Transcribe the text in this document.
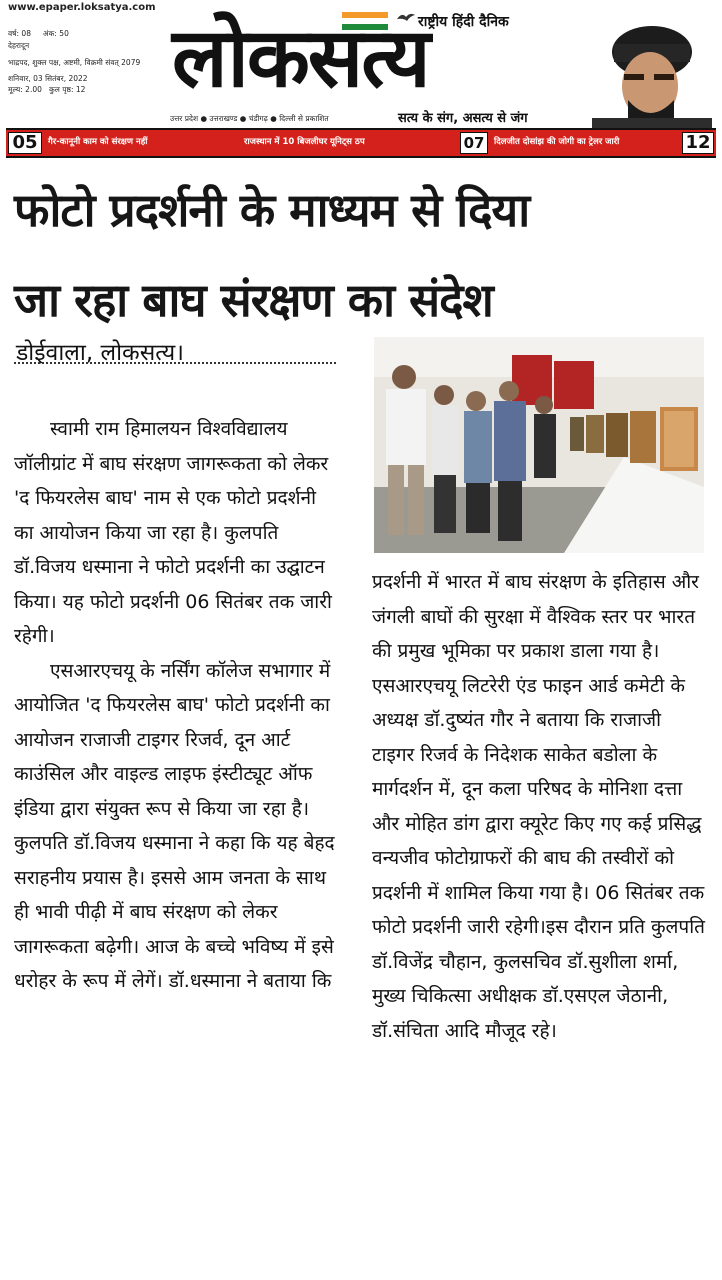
www.epaper.loksatya.com
वर्ष: 08 अंक: 50
देहरादून
भाद्रपद, शुक्ल पक्ष, अष्टमी, विक्रमी संवत् 2079
शनिवार, 03 सितंबर, 2022
मूल्य: 2.00 कुल पृष्ठ: 12
राष्ट्रीय हिंदी दैनिक
लोकसत्य
उत्तर प्रदेश ● उत्तराखण्ड ● चंडीगढ़ ● दिल्ली से प्रकाशित	सत्य के संग, असत्य से जंग
05	गैर-कानूनी काम को संरक्षण नहीं	राजस्थान में 10 बिजलीघर यूनिट्स ठप	07	दिलजीत दोसांझ की जोगी का ट्रेलर जारी	12
फोटो प्रदर्शनी के माध्यम से दिया
जा रहा बाघ संरक्षण का संदेश
डोईवाला, लोकसत्य।
स्वामी राम हिमालयन विश्वविद्यालय जॉलीग्रांट में बाघ संरक्षण जागरूकता को लेकर 'द फियरलेस बाघ' नाम से एक फोटो प्रदर्शनी का आयोजन किया जा रहा है। कुलपति डॉ.विजय धस्माना ने फोटो प्रदर्शनी का उद्घाटन किया। यह फोटो प्रदर्शनी 06 सितंबर तक जारी रहेगी।
एसआरएचयू के नर्सिंग कॉलेज सभागार में आयोजित 'द फियरलेस बाघ' फोटो प्रदर्शनी का आयोजन राजाजी टाइगर रिजर्व, दून आर्ट काउंसिल और वाइल्ड लाइफ इंस्टीट्यूट ऑफ इंडिया द्वारा संयुक्त रूप से किया जा रहा है। कुलपति डॉ.विजय धस्माना ने कहा कि यह बेहद सराहनीय प्रयास है। इससे आम जनता के साथ ही भावी पीढ़ी में बाघ संरक्षण को लेकर जागरूकता बढ़ेगी। आज के बच्चे भविष्य में इसे धरोहर के रूप में लेगें। डॉ.धस्माना ने बताया कि
प्रदर्शनी में भारत में बाघ संरक्षण के इतिहास और जंगली बाघों की सुरक्षा में वैश्विक स्तर पर भारत की प्रमुख भूमिका पर प्रकाश डाला गया है।एसआरएचयू लिटरेरी एंड फाइन आर्ड कमेटी के अध्यक्ष डॉ.दुष्यंत गौर ने बताया कि राजाजी टाइगर रिजर्व के निदेशक साकेत बडोला के मार्गदर्शन में, दून कला परिषद के मोनिशा दत्ता और मोहित डांग द्वारा क्यूरेट किए गए कई प्रसिद्ध वन्यजीव फोटोग्राफरों की बाघ की तस्वीरों को प्रदर्शनी में शामिल किया गया है। 06 सितंबर तक फोटो प्रदर्शनी जारी रहेगी।इस दौरान प्रति कुलपति डॉ.विजेंद्र चौहान, कुलसचिव डॉ.सुशीला शर्मा, मुख्य चिकित्सा अधीक्षक डॉ.एसएल जेठानी, डॉ.संचिता आदि मौजूद रहे।
